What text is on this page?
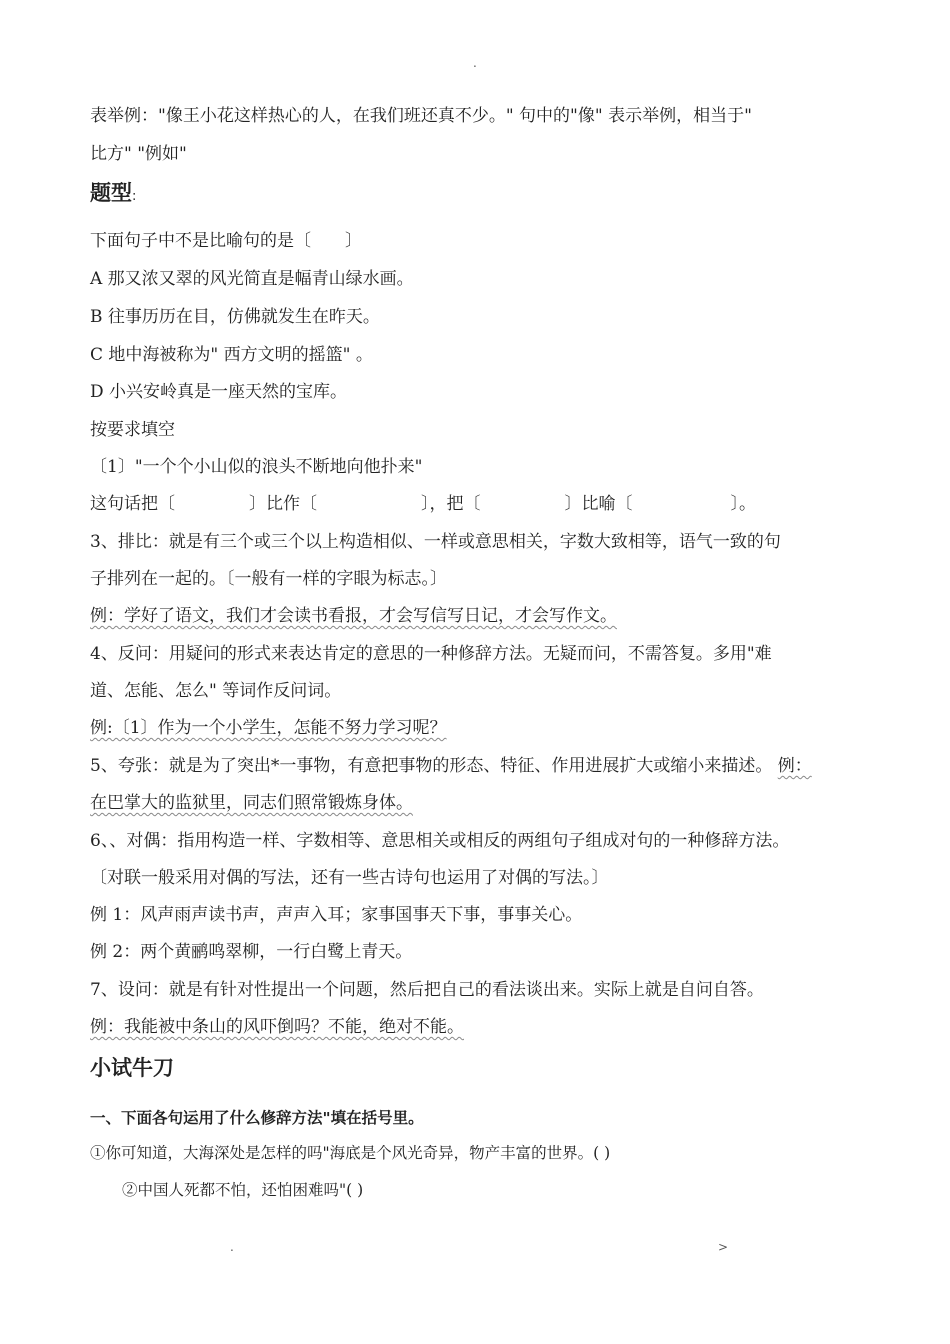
.
表举例："像王小花这样热心的人，在我们班还真不少。" 句中的"像" 表示举例，相当于"
比方" "例如"
题型:
下面句子中不是比喻句的是〔　　〕
A 那又浓又翠的风光简直是幅青山绿水画。
B 往事历历在目，仿佛就发生在昨天。
C 地中海被称为" 西方文明的摇篮" 。
D 小兴安岭真是一座天然的宝库。
按要求填空
〔1〕"一个个小山似的浪头不断地向他扑来"
这句话把〔	〕比作〔	〕，把〔	〕比喻〔	〕。
3、排比：就是有三个或三个以上构造相似、一样或意思相关，字数大致相等，语气一致的句
子排列在一起的。〔一般有一样的字眼为标志。〕
例：学好了语文，我们才会读书看报，才会写信写日记，才会写作文。
4、反问：用疑问的形式来表达肯定的意思的一种修辞方法。无疑而问，不需答复。多用"难
道、怎能、怎么" 等词作反问词。
例:〔1〕作为一个小学生，怎能不努力学习呢？
5、夸张：就是为了突出*一事物，有意把事物的形态、特征、作用进展扩大或缩小来描述。 例：
在巴掌大的监狱里，同志们照常锻炼身体。
6、、对偶：指用构造一样、字数相等、意思相关或相反的两组句子组成对句的一种修辞方法。
〔对联一般采用对偶的写法，还有一些古诗句也运用了对偶的写法。〕
例 1：风声雨声读书声，声声入耳；家事国事天下事，事事关心。
例 2：两个黄鹂鸣翠柳，一行白鹭上青天。
7、设问：就是有针对性提出一个问题，然后把自己的看法谈出来。实际上就是自问自答。
例：我能被中条山的风吓倒吗？不能，绝对不能。
小试牛刀
一、下面各句运用了什么修辞方法"填在括号里。
①你可知道，大海深处是怎样的吗"海底是个风光奇异，物产丰富的世界。( )
②中国人死都不怕，还怕困难吗"( )
.	>
